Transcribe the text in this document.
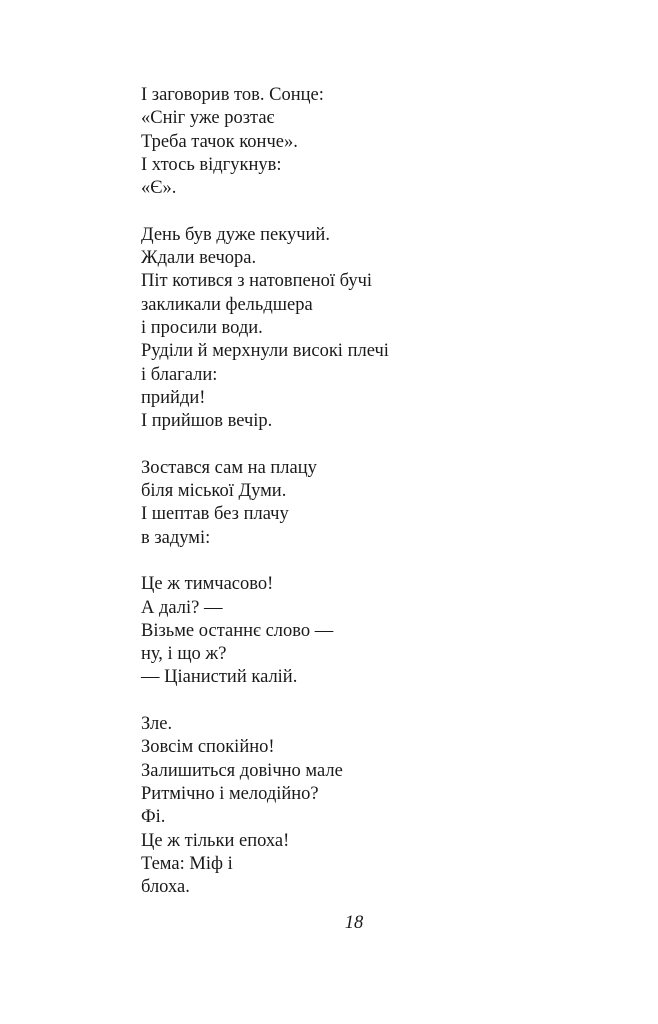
І заговорив тов. Сонце:
«Сніг уже розтає
Треба тачок конче».
І хтось відгукнув:
«Є».
День був дуже пекучий.
Ждали вечора.
Піт котився з натовпеної бучі
закликали фельдшера
і просили води.
Руділи й мерхнули високі плечі
і благали:
прийди!
І прийшов вечір.
Зостався сам на плацу
біля міської Думи.
І шептав без плачу
в задумі:
Це ж тимчасово!
А далі? —
Візьме останнє слово —
ну, і що ж?
— Ціанистий калій.
Зле.
Зовсім спокійно!
Залишиться довічно мале
Ритмічно і мелодійно?
Фі.
Це ж тільки епоха!
Тема: Міф і
блоха.
18
